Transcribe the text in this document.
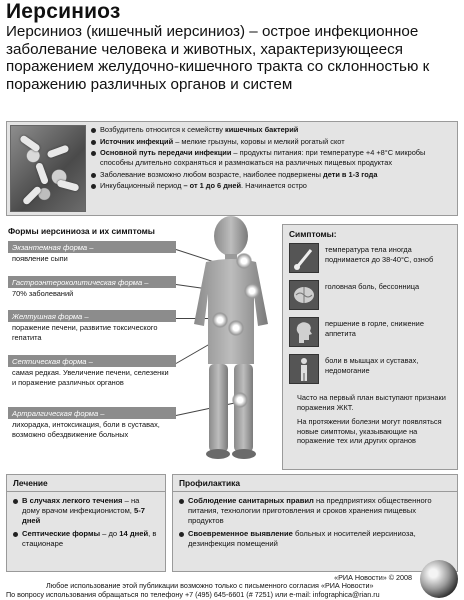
Иерсиниоз
Иерсиниоз (кишечный иерсиниоз) – острое инфекционное заболевание человека и животных, характеризующееся поражением желудочно-кишечного тракта со склонностью к поражению различных органов и систем
Возбудитель относится к семейству кишечных бактерий
Источник инфекций – мелкие грызуны, коровы и мелкий рогатый скот
Основной путь передачи инфекции – продукты питания: при температуре +4 +8°С микробы способны длительно сохраняться и размножаться на различных пищевых продуктах
Заболевание возможно любом возрасте, наиболее подвержены дети в 1-3 года
Инкубационный период – от 1 до 6 дней. Начинается остро
Формы иерсиниоза и их симптомы
Экзантемная форма –
появление сыпи
Гастроэнтероколитическая форма –
70% заболеваний
Желтушная форма –
поражение печени, развитие токсического гепатита
Септическая форма –
самая редкая. Увеличение печени, селезенки и поражение различных органов
Артралгическая форма –
лихорадка, интоксикация, боли в суставах, возможно обездвижение больных
Симптомы:
температура тела иногда поднимается до 38-40°С, озноб
головная боль, бессонница
першение в горле, снижение аппетита
боли в мышцах и суставах, недомогание
Часто на первый план выступают признаки поражения ЖКТ.
На протяжении болезни могут появляться новые симптомы, указывающие на поражение тех или других органов
Лечение
В случаях легкого течения – на дому врачом инфекционистом, 5-7 дней
Септические формы – до 14 дней, в стационаре
Профилактика
Соблюдение санитарных правил на предприятиях общественного питания, технологии приготовления и сроков хранения пищевых продуктов
Своевременное выявление больных и носителей иерсиниоза, дезинфекция помещений
«РИА Новости» © 2008
Любое использование этой публикации возможно только с письменного согласия «РИА Новости»
По вопросу использования обращаться по телефону +7 (495) 645-6601 (# 7251) или e-mail: infographica@rian.ru
